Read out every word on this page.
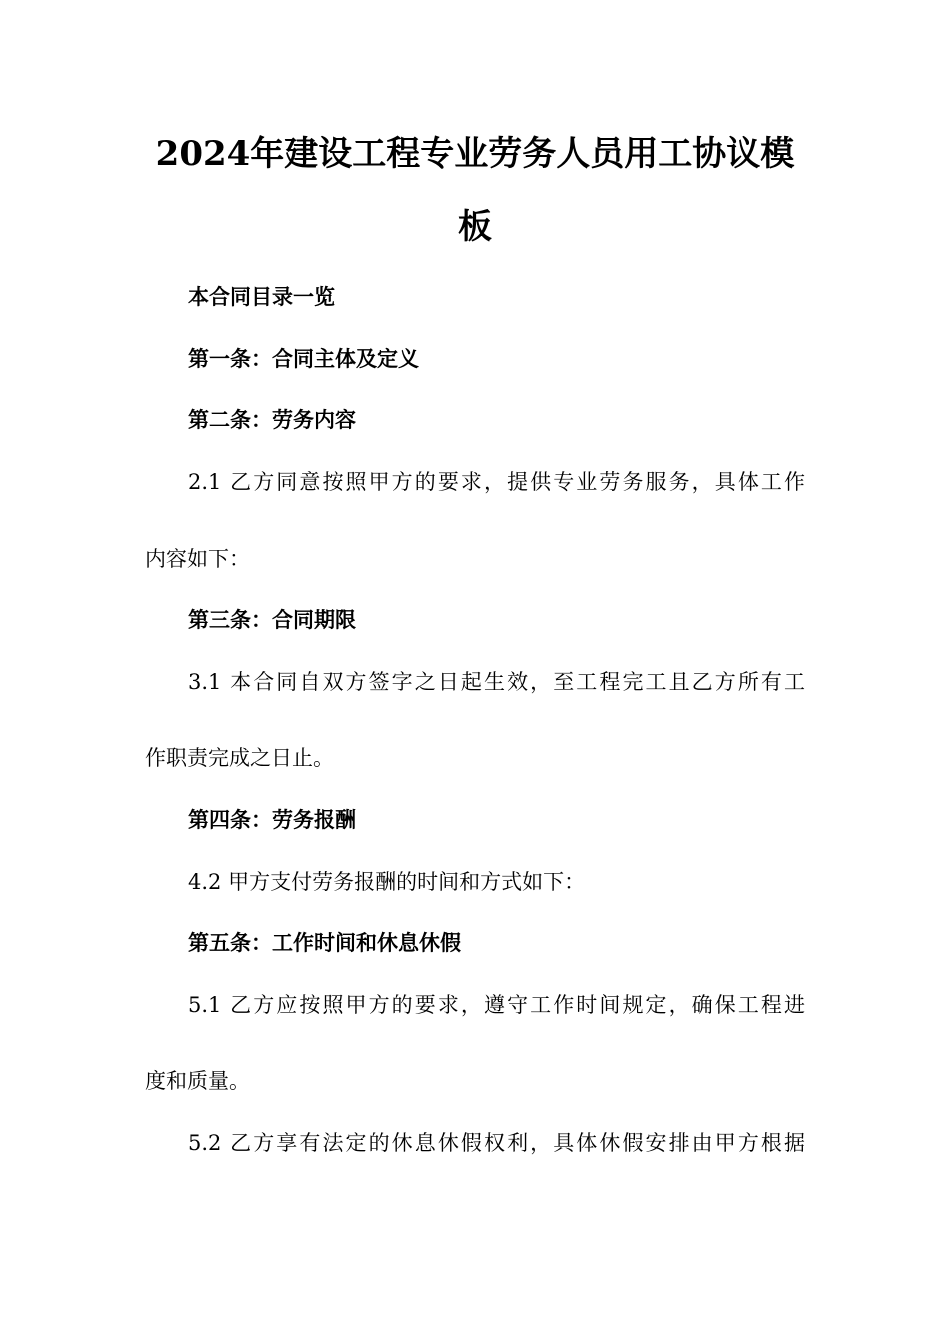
2024年建设工程专业劳务人员用工协议模
板
本合同目录一览
第一条：合同主体及定义
第二条：劳务内容
2.1 乙方同意按照甲方的要求，提供专业劳务服务，具体工作
内容如下：
第三条：合同期限
3.1 本合同自双方签字之日起生效，至工程完工且乙方所有工
作职责完成之日止。
第四条：劳务报酬
4.2 甲方支付劳务报酬的时间和方式如下：
第五条：工作时间和休息休假
5.1 乙方应按照甲方的要求，遵守工作时间规定，确保工程进
度和质量。
5.2 乙方享有法定的休息休假权利，具体休假安排由甲方根据
